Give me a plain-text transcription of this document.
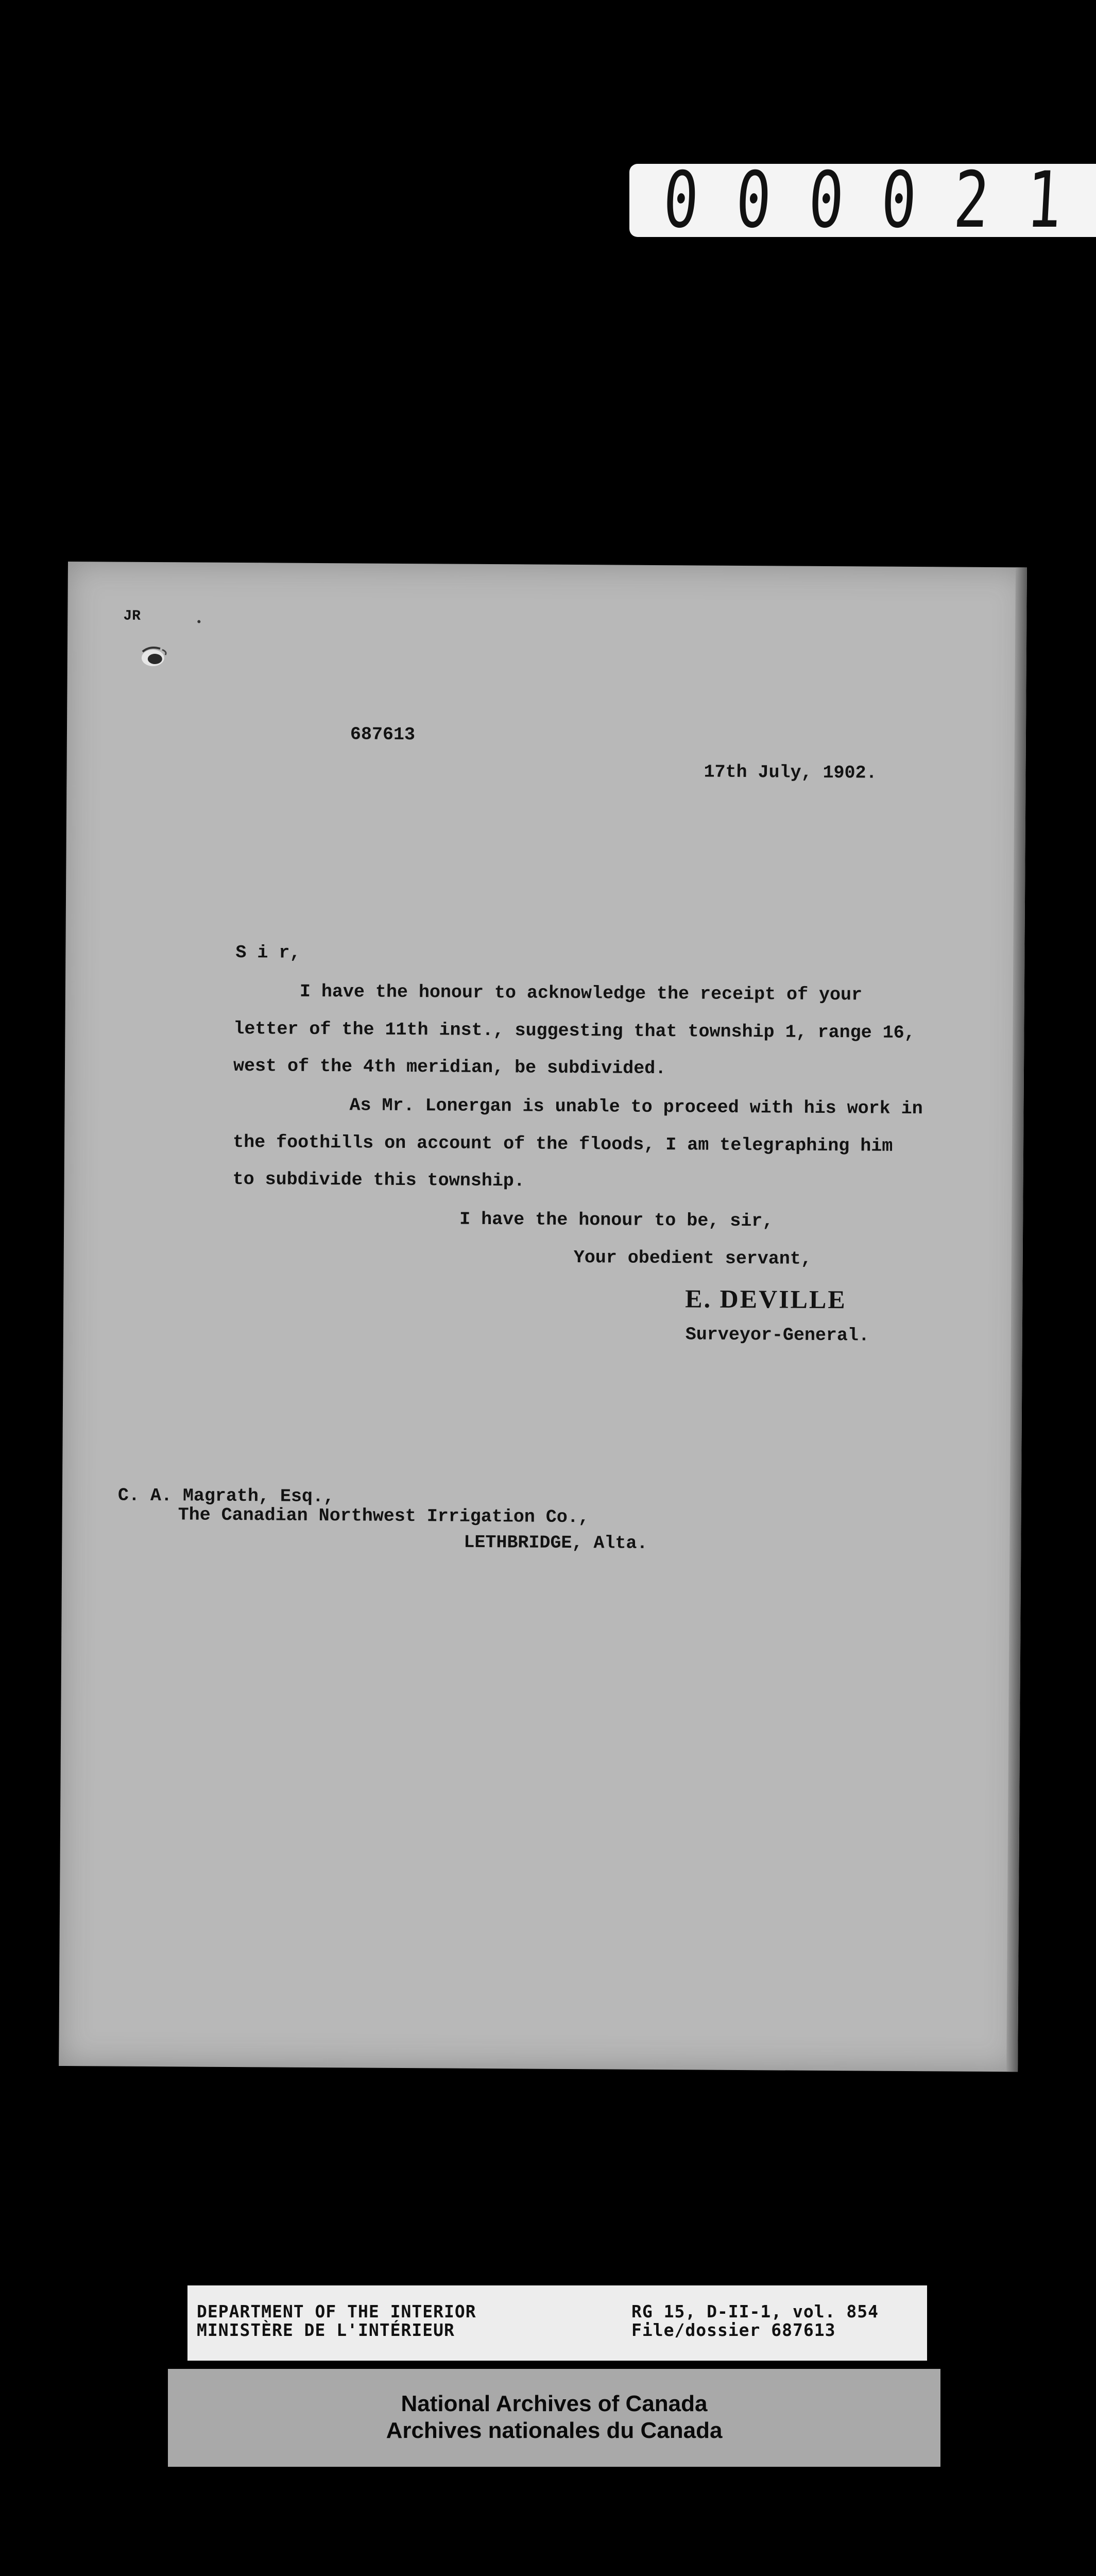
0 0 0 0 2 1
JR
687613
17th July, 1902.
S i r,
I have the honour to acknowledge the receipt of your
letter of the 11th inst., suggesting that township 1, range 16,
west of the 4th meridian, be subdivided.
As Mr. Lonergan is unable to proceed with his work in
the foothills on account of the floods, I am telegraphing him
to subdivide this township.
I have the honour to be, sir,
Your obedient servant,
E. DEVILLE
Surveyor-General.
C. A. Magrath, Esq.,
The Canadian Northwest Irrigation Co.,
LETHBRIDGE, Alta.
DEPARTMENT OF THE INTERIOR
MINISTÈRE DE L'INTÉRIEUR
RG 15, D-II-1, vol. 854
File/dossier 687613
National Archives of Canada
Archives nationales du Canada
